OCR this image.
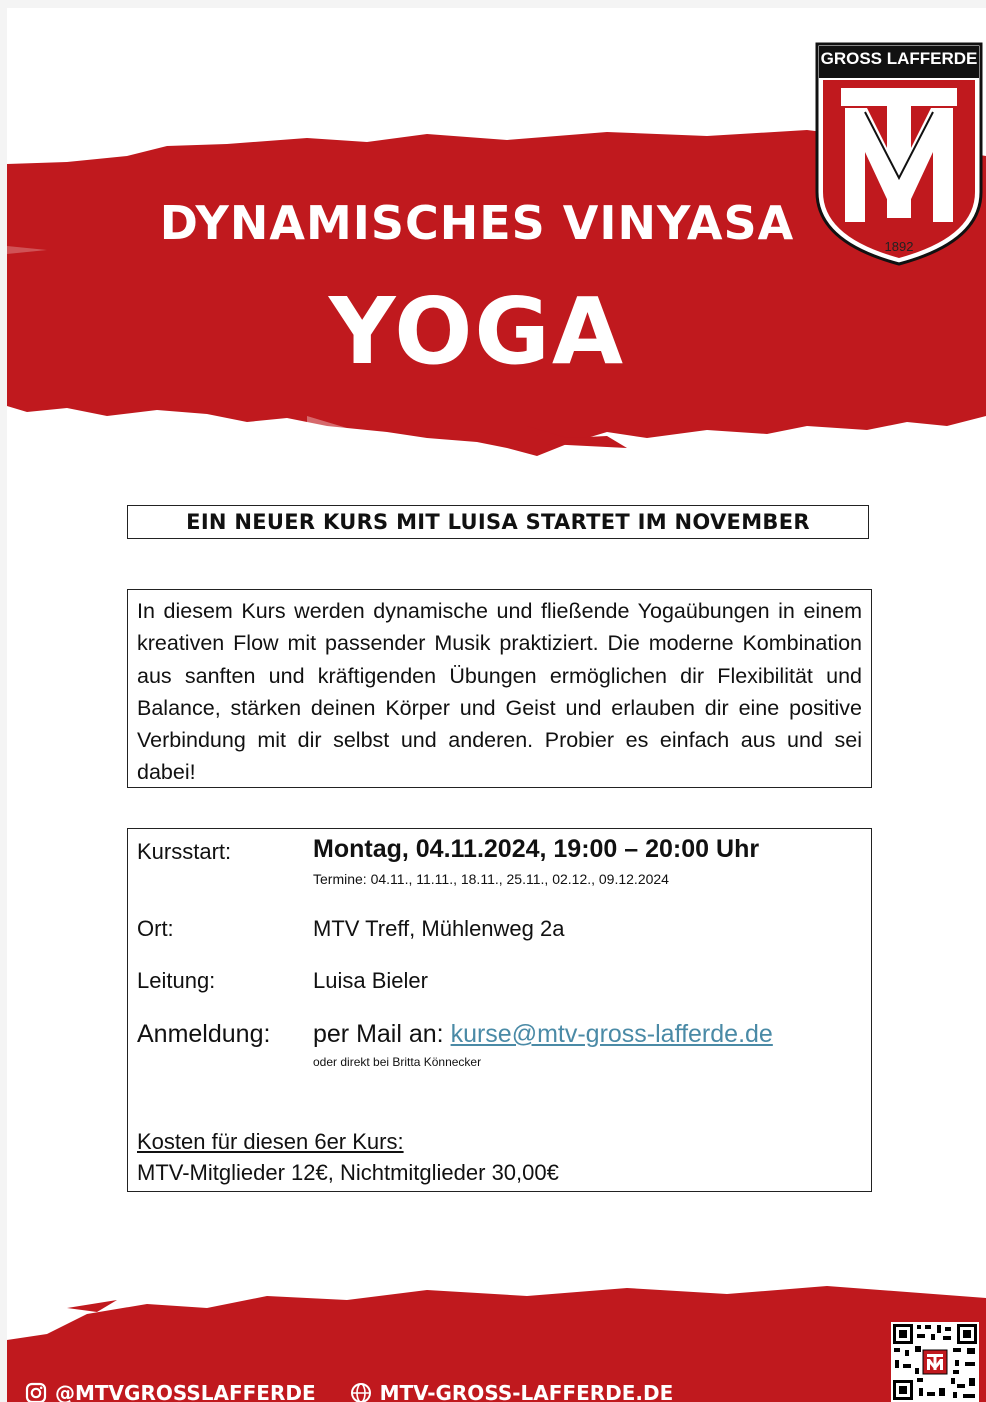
DYNAMISCHES VINYASA
YOGA
GROSS LAFFERDE
1892
EIN NEUER KURS MIT LUISA STARTET IM NOVEMBER

In diesem Kurs werden dynamische und fließende Yogaübungen in einem kreativen Flow mit passender Musik praktiziert. Die moderne Kombination aus sanften und kräftigenden Übungen ermöglichen dir Flexibilität und Balance, stärken deinen Körper und Geist und erlauben dir eine positive Verbindung mit dir selbst und anderen. Probier es einfach aus und sei dabei!

Kursstart:	Montag, 04.11.2024, 19:00 – 20:00 Uhr
Termine: 04.11., 11.11., 18.11., 25.11., 02.12., 09.12.2024
Ort:	MTV Treff, Mühlenweg 2a
Leitung:	Luisa Bieler
Anmeldung: per Mail an: kurse@mtv-gross-lafferde.de
oder direkt bei Britta Könnecker
Kosten für diesen 6er Kurs:
MTV-Mitglieder 12€, Nichtmitglieder 30,00€
@MTVGROSSLAFFERDE	MTV-GROSS-LAFFERDE.DE
